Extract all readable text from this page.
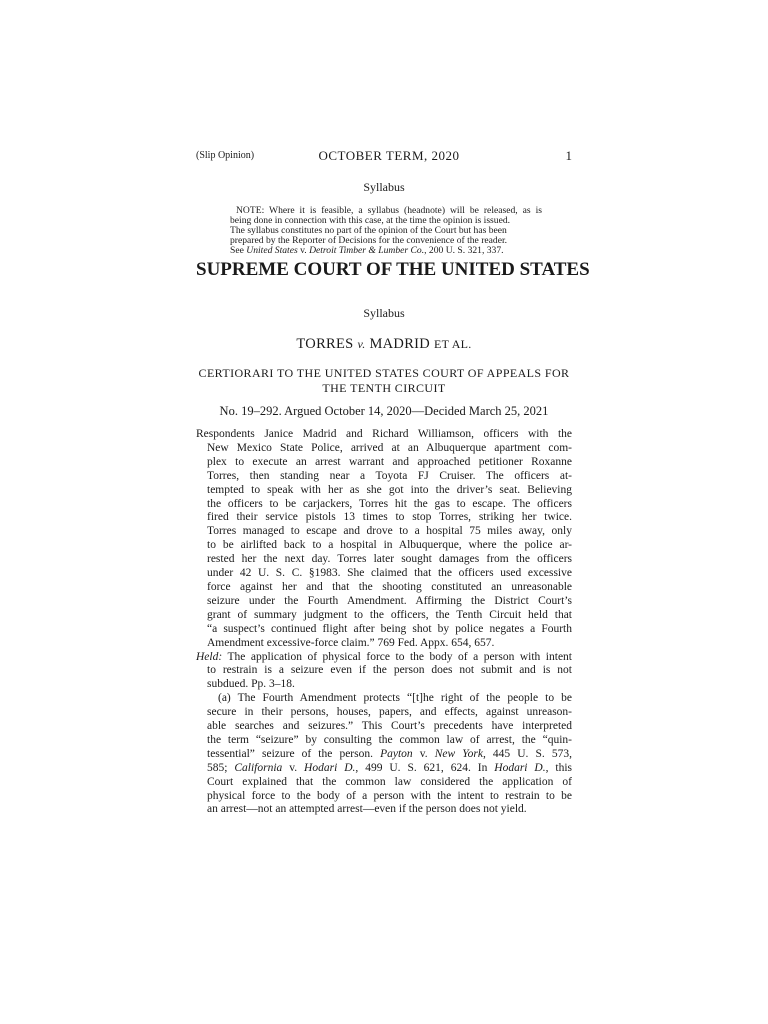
(Slip Opinion)	OCTOBER TERM, 2020	1
Syllabus
NOTE: Where it is feasible, a syllabus (headnote) will be released, as is
being done in connection with this case, at the time the opinion is issued.
The syllabus constitutes no part of the opinion of the Court but has been
prepared by the Reporter of Decisions for the convenience of the reader.
See United States v. Detroit Timber & Lumber Co., 200 U. S. 321, 337.
SUPREME COURT OF THE UNITED STATES
Syllabus
TORRES v. MADRID ET AL.
CERTIORARI TO THE UNITED STATES COURT OF APPEALS FOR
THE TENTH CIRCUIT
No. 19–292. Argued October 14, 2020—Decided March 25, 2021
Respondents Janice Madrid and Richard Williamson, officers with the
New Mexico State Police, arrived at an Albuquerque apartment com-
plex to execute an arrest warrant and approached petitioner Roxanne
Torres, then standing near a Toyota FJ Cruiser. The officers at-
tempted to speak with her as she got into the driver’s seat. Believing
the officers to be carjackers, Torres hit the gas to escape. The officers
fired their service pistols 13 times to stop Torres, striking her twice.
Torres managed to escape and drove to a hospital 75 miles away, only
to be airlifted back to a hospital in Albuquerque, where the police ar-
rested her the next day. Torres later sought damages from the officers
under 42 U. S. C. §1983. She claimed that the officers used excessive
force against her and that the shooting constituted an unreasonable
seizure under the Fourth Amendment. Affirming the District Court’s
grant of summary judgment to the officers, the Tenth Circuit held that
“a suspect’s continued flight after being shot by police negates a Fourth
Amendment excessive-force claim.” 769 Fed. Appx. 654, 657.
Held: The application of physical force to the body of a person with intent
to restrain is a seizure even if the person does not submit and is not
subdued. Pp. 3–18.
(a) The Fourth Amendment protects “[t]he right of the people to be
secure in their persons, houses, papers, and effects, against unreason-
able searches and seizures.” This Court’s precedents have interpreted
the term “seizure” by consulting the common law of arrest, the “quin-
tessential” seizure of the person. Payton v. New York, 445 U. S. 573,
585; California v. Hodari D., 499 U. S. 621, 624. In Hodari D., this
Court explained that the common law considered the application of
physical force to the body of a person with the intent to restrain to be
an arrest—not an attempted arrest—even if the person does not yield.
